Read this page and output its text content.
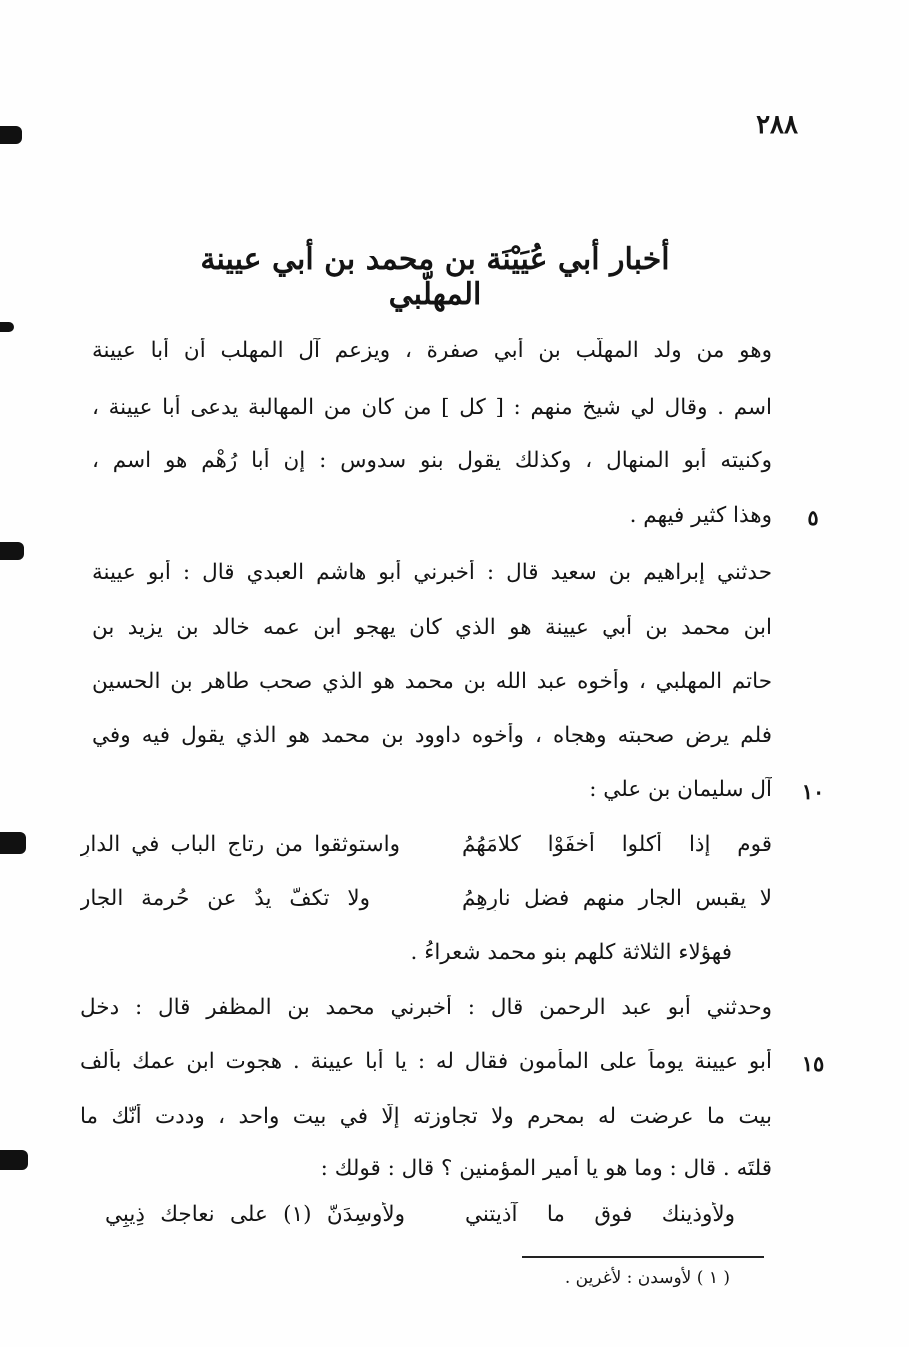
٢٨٨
أخبار أبي عُيَيْنَة بن محمد بن أبي عيينة المهلّبي
وهو من ولد المهلّب بن أبي صفرة ، ويزعم آل المهلب أن أبا عيينة
اسم . وقال لي شيخ منهم : [ كل ] من كان من المهالبة يدعى أبا عيينة ،
وكنيته أبو المنهال ، وكذلك يقول بنو سدوس : إن أبا رُهْم هو اسم ،
وهذا كثير فيهم .	٥
حدثني إبراهيم بن سعيد قال : أخبرني أبو هاشم العبدي قال : أبو عيينة
ابن محمد بن أبي عيينة هو الذي كان يهجو ابن عمه خالد بن يزيد بن
حاتم المهلبي ، وأخوه عبد الله بن محمد هو الذي صحب طاهر بن الحسين
فلم يرض صحبته وهجاه ، وأخوه داوود بن محمد هو الذي يقول فيه وفي
آل سليمان بن علي :	١٠
قوم إذا أكلوا أخفَوْا كلامَهُمُ
واستوثقوا من رتاج الباب في الدارِ
لا يقبس الجار منهم فضل نارِهِمُ
ولا تكفّ يدٌ عن حُرمة الجار
فهؤلاء الثلاثة كلهم بنو محمد شعراءُ .
وحدثني أبو عبد الرحمن قال : أخبرني محمد بن المظفر قال : دخل
أبو عيينة يوماً على المأمون فقال له : يا أبا عيينة . هجوت ابن عمك بألف
بيت ما عرضت له بمحرم ولا تجاوزته إلّا في بيت واحد ، وددت أنّك ما
قلتَه . قال : وما هو يا أمير المؤمنين ؟ قال : قولك :
١٥
ولأُوذينك فوق ما آذيتني
ولأُوسِدَنّ (١) على نعاجك ذِيبِي
( ١ ) لأوسدن : لأغرين .
